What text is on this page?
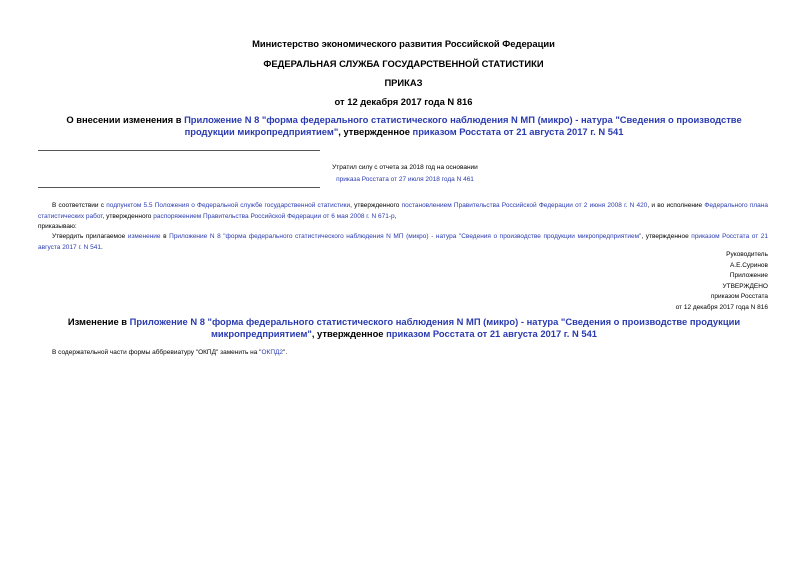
Министерство экономического развития Российской Федерации
ФЕДЕРАЛЬНАЯ СЛУЖБА ГОСУДАРСТВЕННОЙ СТАТИСТИКИ
ПРИКАЗ
от 12 декабря 2017 года N 816
О внесении изменения в Приложение N 8 "форма федерального статистического наблюдения N МП (микро) - натура "Сведения о производстве продукции микропредприятием", утвержденное приказом Росстата от 21 августа 2017 г. N 541
Утратил силу с отчета за 2018 год на основании
приказа Росстата от 27 июля 2018 года N 461
В соответствии с подпунктом 5.5 Положения о Федеральной службе государственной статистики, утвержденного постановлением Правительства Российской Федерации от 2 июня 2008 г. N 420, и во исполнение Федерального плана статистических работ, утвержденного распоряжением Правительства Российской Федерации от 6 мая 2008 г. N 671-р,
приказываю:
Утвердить прилагаемое изменение в Приложение N 8 "форма федерального статистического наблюдения N МП (микро) - натура "Сведения о производстве продукции микропредприятием", утвержденное приказом Росстата от 21 августа 2017 г. N 541.
Руководитель
А.Е.Суринов
Приложение
УТВЕРЖДЕНО
приказом Росстата
от 12 декабря 2017 года N 816
Изменение в Приложение N 8 "форма федерального статистического наблюдения N МП (микро) - натура "Сведения о производстве продукции микропредприятием", утвержденное приказом Росстата от 21 августа 2017 г. N 541
В содержательной части формы аббревиатуру "ОКПД" заменить на "ОКПД2".
